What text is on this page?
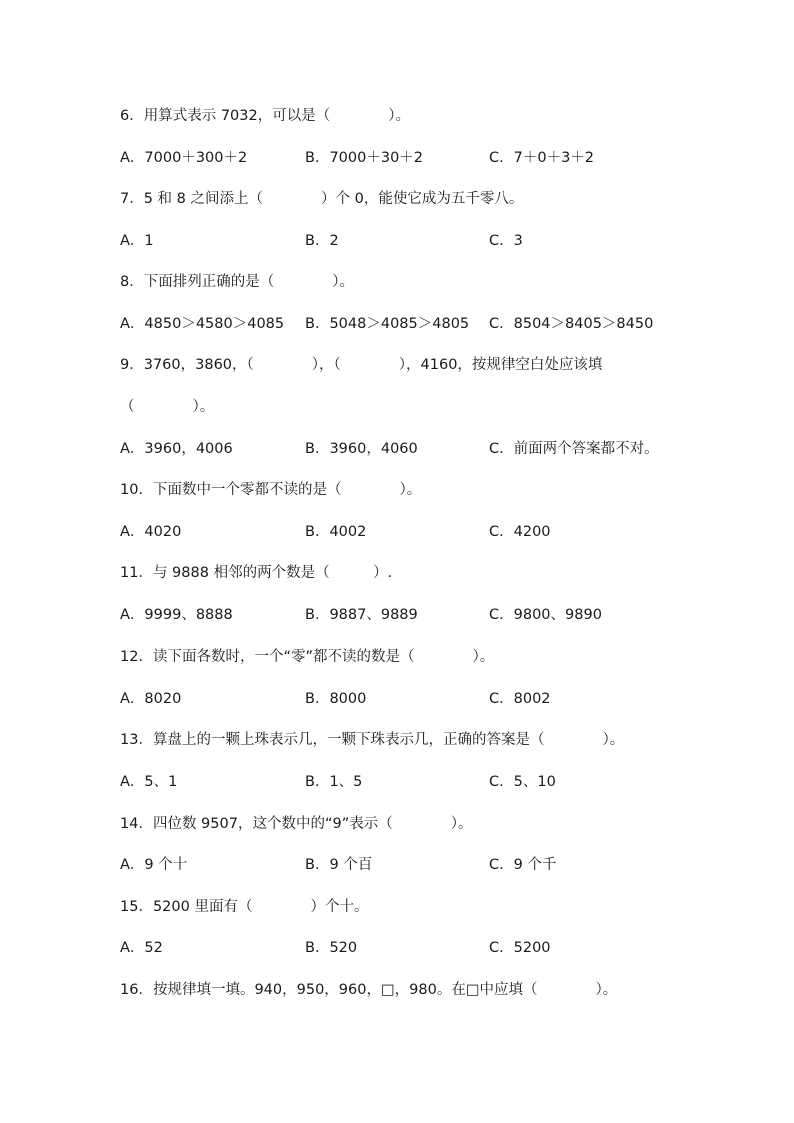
6．用算式表示 7032，可以是（　　　　）。
A．7000＋300＋2	B．7000＋30＋2	C．7＋0＋3＋2
7．5 和 8 之间添上（　　　　）个 0，能使它成为五千零八。
A．1	B．2	C．3
8．下面排列正确的是（　　　　）。
A．4850＞4580＞4085 B．5048＞4085＞4805 C．8504＞8405＞8450
9．3760，3860，（　　　　），（　　　　），4160，按规律空白处应该填
（　　　　）。
A．3960，4006	B．3960，4060	C．前面两个答案都不对。
10．下面数中一个零都不读的是（　　　　）。
A．4020	B．4002	C．4200
11．与 9888 相邻的两个数是（　　　）.
A．9999、8888	B．9887、9889	C．9800、9890
12．读下面各数时，一个“零”都不读的数是（　　　　）。
A．8020	B．8000	C．8002
13．算盘上的一颗上珠表示几，一颗下珠表示几，正确的答案是（　　　　）。
A．5、1	B．1、5	C．5、10
14．四位数 9507，这个数中的“9”表示（　　　　）。
A．9 个十	B．9 个百	C．9 个千
15．5200 里面有（　　　　）个十。
A．52	B．520	C．5200
16．按规律填一填。940，950，960，□，980。在□中应填（　　　　）。
